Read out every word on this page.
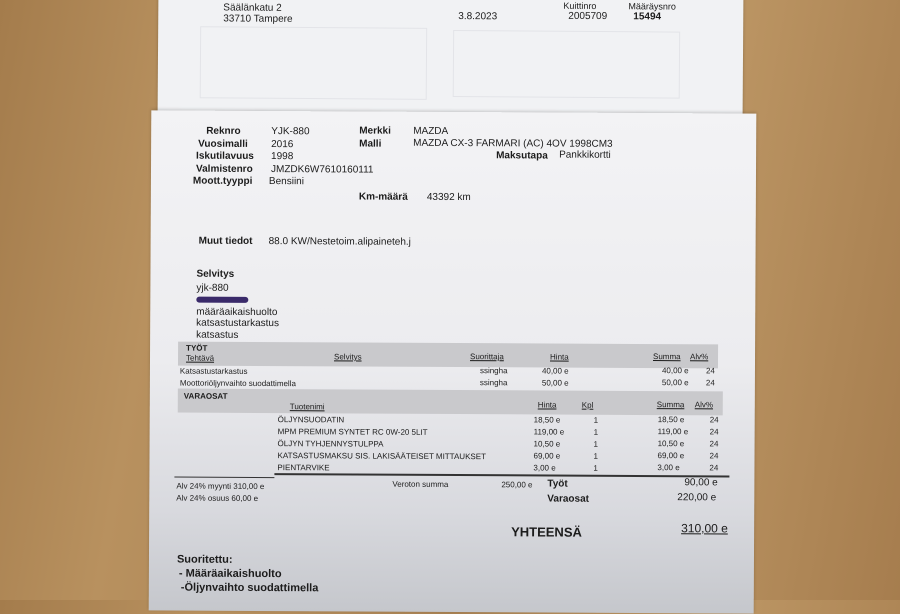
Säälänkatu 2
33710 Tampere	3.8.2023
Kuittinro
2005709
Määräysnro
15494
Reknro	YJK-880
Vuosimalli 2016
Iskutilavuus 1998
Valmistenro JMZDK6W7610160111
Moott.tyyppi Bensiini
Merkki MAZDA
Malli	MAZDA CX-3 FARMARI (AC) 4OV 1998CM3
Maksutapa Pankkikortti
Km-määrä 43392 km
Muut tiedot 88.0 KW/Nestetoim.alipaineteh.j
Selvitys
yjk-880
määräaikaishuolto
katsastustarkastus
katsastus
TYÖT
Tehtävä	Selvitys	Suorittaja	Hinta	Summa Alv%
VARAOSAT
Tuotenimi	Hinta	Kpl	Summa Alv%
Alv 24% myynti 310,00 e
Alv 24% osuus 60,00 e
Veroton summa	250,00 e Työt	90,00 e
Varaosat	220,00 e
YHTEENSÄ	310,00 e
Suoritettu:
- Määräaikaishuolto
-Öljynvaihto suodattimella
Katsastustarkastus	ssingha	40,00 e	40,00 e 24
Moottoriöljynvaihto suodattimella	ssingha	50,00 e	50,00 e 24
ÖLJYNSUODATIN	18,50 e	1	18,50 e	24
MPM PREMIUM SYNTET RC 0W-20 5LIT	119,00 e	1	119,00 e	24
ÖLJYN TYHJENNYSTULPPA	10,50 e	1	10,50 e	24
KATSASTUSMAKSU SIS. LAKISÄÄTEISET MITTAUKSET	69,00 e	1	69,00 e	24
PIENTARVIKE	3,00 e	1	3,00 e	24
